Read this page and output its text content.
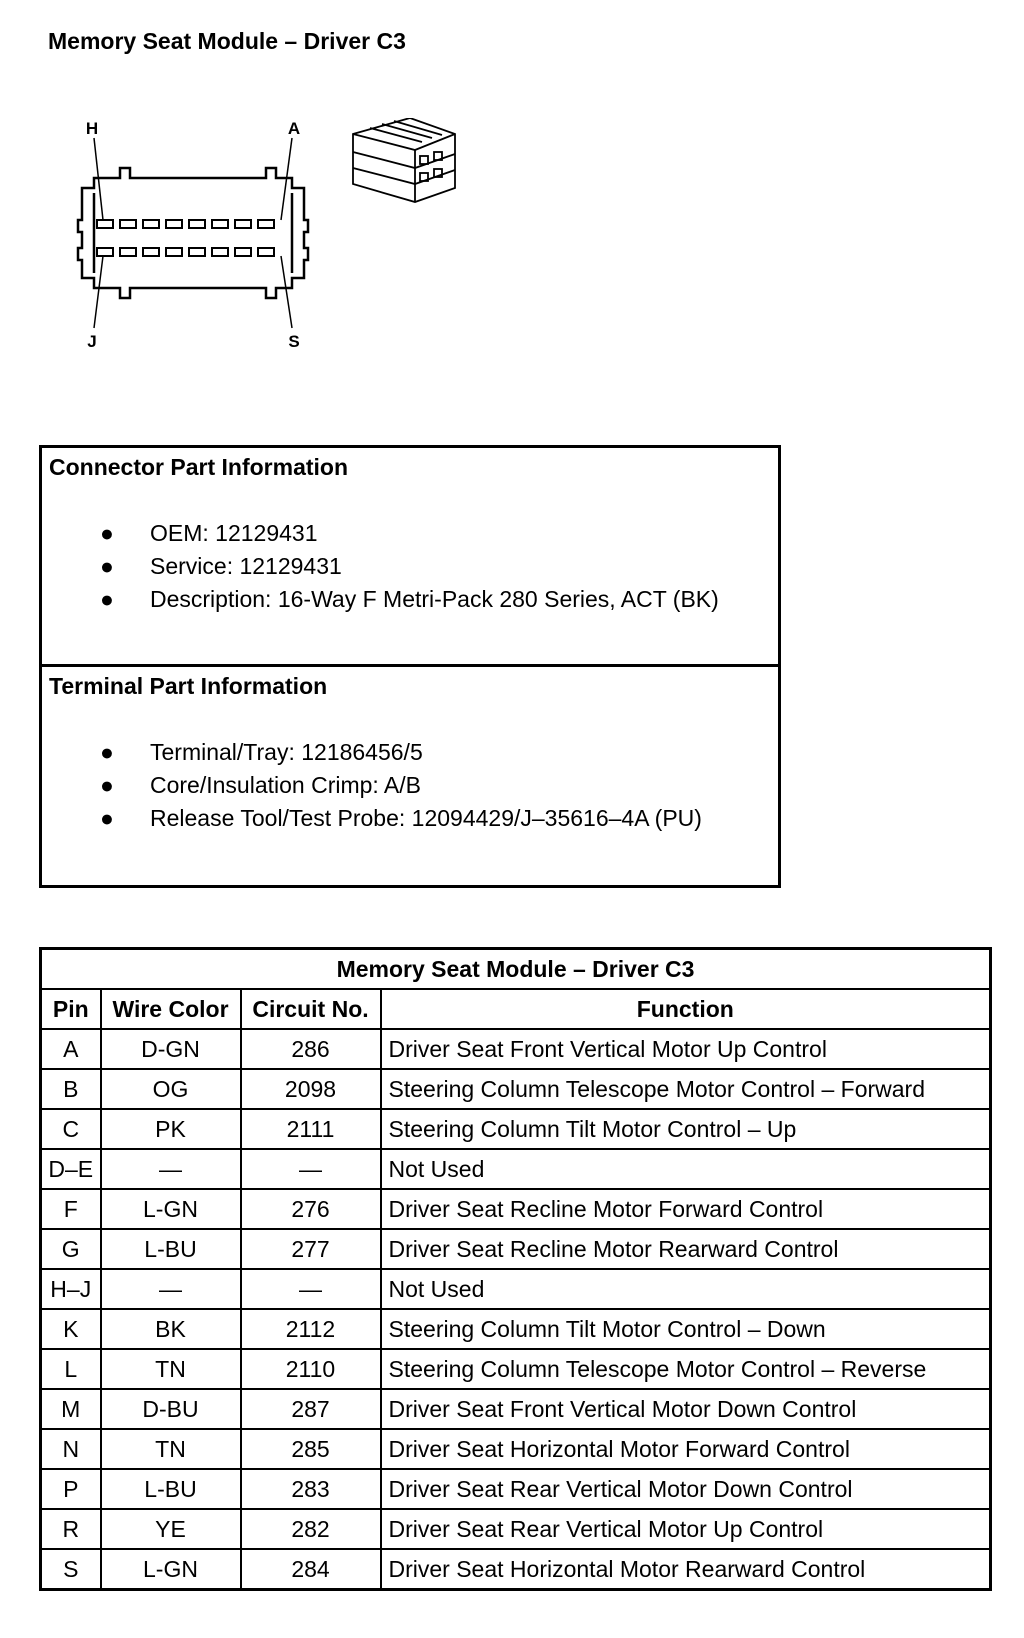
Memory Seat Module – Driver C3
H	A
J	S

Connector Part Information

● OEM: 12129431
● Service: 12129431
● Description: 16-Way F Metri-Pack 280 Series, ACT (BK)

Terminal Part Information

● Terminal/Tray: 12186456/5
● Core/Insulation Crimp: A/B
● Release Tool/Test Probe: 12094429/J–35616–4A (PU)
Memory Seat Module – Driver C3			
Pin	Wire Color	Circuit No.	Function
A	D-GN	286	Driver Seat Front Vertical Motor Up Control
B	OG	2098	Steering Column Telescope Motor Control – Forward
C	PK	2111	Steering Column Tilt Motor Control – Up
D–E	—	—	Not Used
F	L-GN	276	Driver Seat Recline Motor Forward Control
G	L-BU	277	Driver Seat Recline Motor Rearward Control
H–J	—	—	Not Used
K	BK	2112	Steering Column Tilt Motor Control – Down
L	TN	2110	Steering Column Telescope Motor Control – Reverse
M	D-BU	287	Driver Seat Front Vertical Motor Down Control
N	TN	285	Driver Seat Horizontal Motor Forward Control
P	L-BU	283	Driver Seat Rear Vertical Motor Down Control
R	YE	282	Driver Seat Rear Vertical Motor Up Control
S	L-GN	284	Driver Seat Horizontal Motor Rearward Control
